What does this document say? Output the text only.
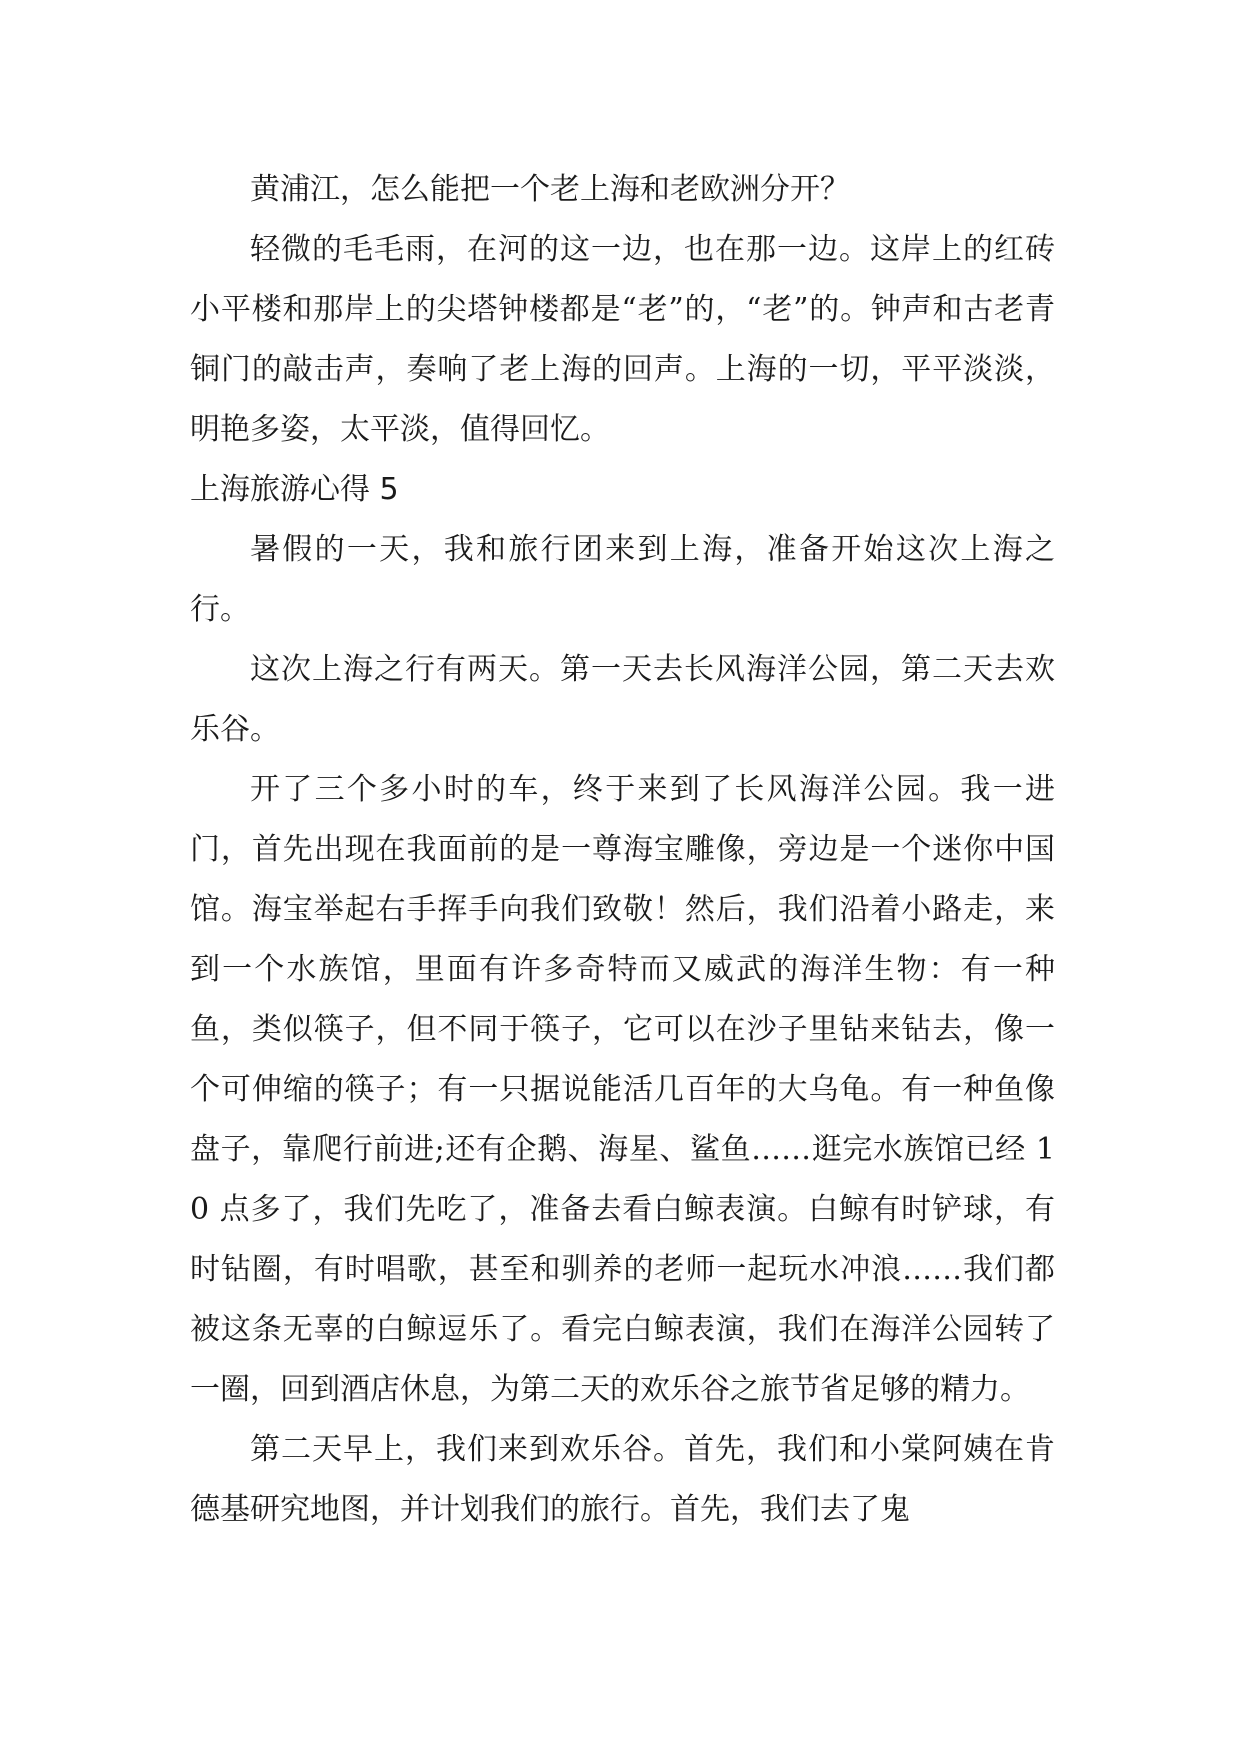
黄浦江，怎么能把一个老上海和老欧洲分开？

轻微的毛毛雨，在河的这一边，也在那一边。这岸上的红砖小平楼和那岸上的尖塔钟楼都是“老”的，“老”的。钟声和古老青铜门的敲击声，奏响了老上海的回声。上海的一切，平平淡淡，明艳多姿，太平淡，值得回忆。

上海旅游心得 5

暑假的一天，我和旅行团来到上海，准备开始这次上海之行。

这次上海之行有两天。第一天去长风海洋公园，第二天去欢乐谷。

开了三个多小时的车，终于来到了长风海洋公园。我一进门，首先出现在我面前的是一尊海宝雕像，旁边是一个迷你中国馆。海宝举起右手挥手向我们致敬！然后，我们沿着小路走，来到一个水族馆，里面有许多奇特而又威武的海洋生物：有一种鱼，类似筷子，但不同于筷子，它可以在沙子里钻来钻去，像一个可伸缩的筷子；有一只据说能活几百年的大乌龟。有一种鱼像盘子，靠爬行前进;还有企鹅、海星、鲨鱼……逛完水族馆已经 10 点多了，我们先吃了，准备去看白鲸表演。白鲸有时铲球，有时钻圈，有时唱歌，甚至和驯养的老师一起玩水冲浪……我们都被这条无辜的白鲸逗乐了。看完白鲸表演，我们在海洋公园转了一圈，回到酒店休息，为第二天的欢乐谷之旅节省足够的精力。

第二天早上，我们来到欢乐谷。首先，我们和小棠阿姨在肯德基研究地图，并计划我们的旅行。首先，我们去了鬼
